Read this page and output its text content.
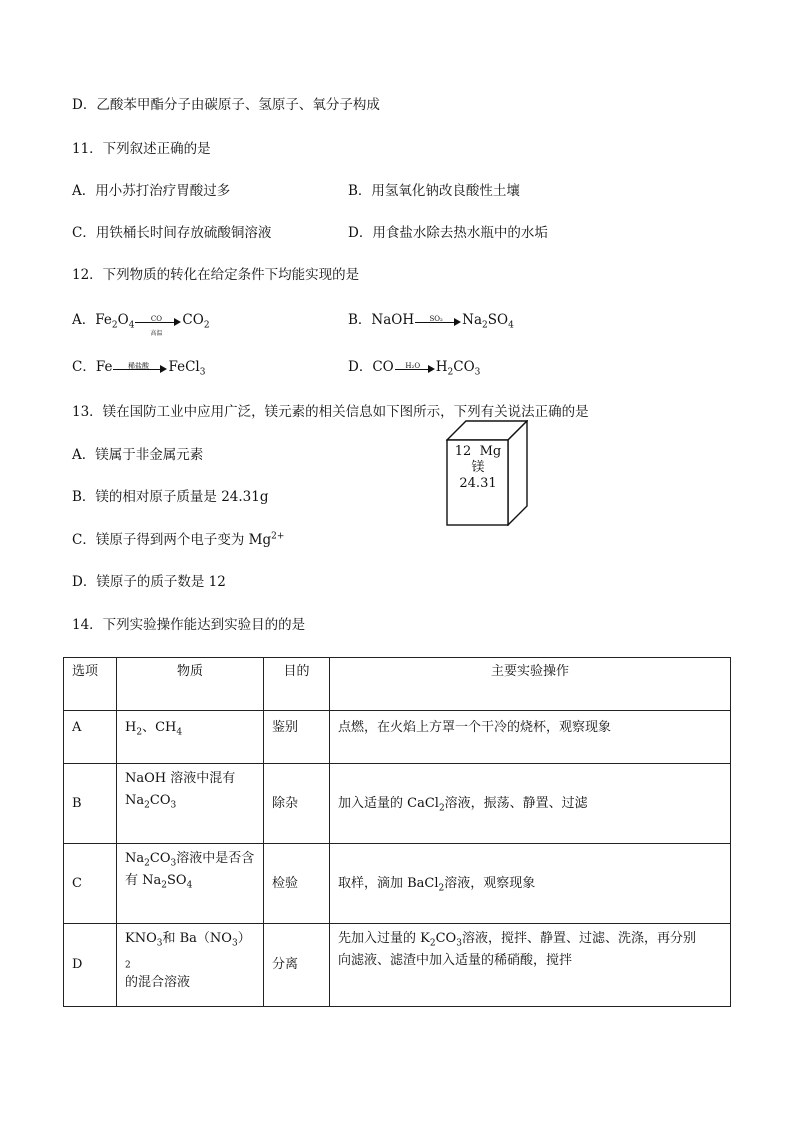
D．乙酸苯甲酯分子由碳原子、氢原子、氧分子构成
11．下列叙述正确的是
A．用小苏打治疗胃酸过多	B．用氢氧化钠改良酸性土壤
C．用铁桶长时间存放硫酸铜溶液	D．用食盐水除去热水瓶中的水垢
12．下列物质的转化在给定条件下均能实现的是
A．$Fe_2O_4$
CO
高温
$CO_2$	B．NaOH	SO₂	$Na_2SO_4$
C．Fe	稀盐酸	FeCl$_3$	D．CO	H₂O	$H_2CO_3$
13．镁在国防工业中应用广泛，镁元素的相关信息如下图所示，下列有关说法正确的是
A．镁属于非金属元素
B．镁的相对原子质量是 24.31g
C．镁原子得到两个电子变为 $Mg^{2+}$
D．镁原子的质子数是 12
12  Mg
镁
24.31
14．下列实验操作能达到实验目的的是
选项	物质	目的	主要实验操作
A	$H_2$、$CH_4$	鉴别	点燃，在火焰上方罩一个干冷的烧杯，观察现象
B	NaOH 溶液中混有
$Na_2CO_3$	除杂	加入适量的 CaCl$_2$溶液，振荡、静置、过滤
C	$Na_2CO_3$溶液中是否含
有 $Na_2SO_4$	检验	取样，滴加 BaCl$_2$溶液，观察现象
D	$KNO_3$和 $Ba(NO_3)_2$
的混合溶液	分离	先加入过量的 $K_2CO_3$溶液，搅拌、静置、过滤、洗涤，再分别
向滤液、滤渣中加入适量的稀硝酸，搅拌
